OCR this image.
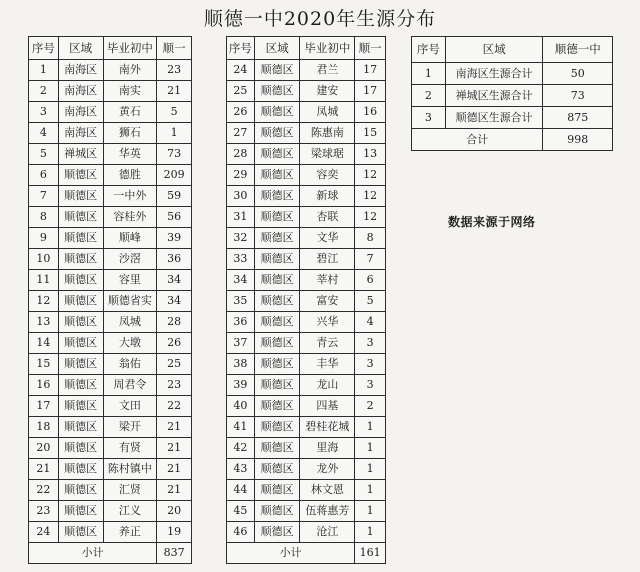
顺德一中2020年生源分布
序号	区域	毕业初中	顺一
1	南海区	南外	23
2	南海区	南实	21
3	南海区	黄石	5
4	南海区	狮石	1
5	禅城区	华英	73
6	顺德区	德胜	209
7	顺德区	一中外	59
8	顺德区	容桂外	56
9	顺德区	顺峰	39
10	顺德区	沙滘	36
11	顺德区	容里	34
12	顺德区	顺德省实	34
13	顺德区	凤城	28
14	顺德区	大墩	26
15	顺德区	翁佑	25
16	顺德区	周君令	23
17	顺德区	文田	22
18	顺德区	梁开	21
20	顺德区	有贤	21
21	顺德区	陈村镇中	21
22	顺德区	汇贤	21
23	顺德区	江义	20
24	顺德区	养正	19
小计			837
序号	区域	毕业初中	顺一
24	顺德区	君兰	17
25	顺德区	建安	17
26	顺德区	凤城	16
27	顺德区	陈惠南	15
28	顺德区	梁球琚	13
29	顺德区	容奕	12
30	顺德区	新球	12
31	顺德区	杏联	12
32	顺德区	文华	8
33	顺德区	碧江	7
34	顺德区	莘村	6
35	顺德区	富安	5
36	顺德区	兴华	4
37	顺德区	青云	3
38	顺德区	丰华	3
39	顺德区	龙山	3
40	顺德区	四基	2
41	顺德区	碧桂花城	1
42	顺德区	里海	1
43	顺德区	龙外	1
44	顺德区	林文恩	1
45	顺德区	伍蒋惠芳	1
46	顺德区	沧江	1
小计			161
序号	区域	顺德一中
1	南海区生源合计	50
2	禅城区生源合计	73
3	顺德区生源合计	875
合计		998
数据来源于网络
